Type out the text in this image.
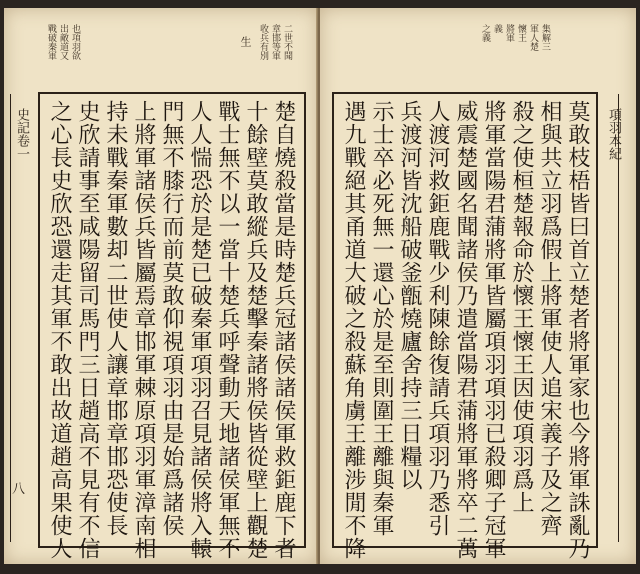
史記卷一
八
二世不聞
章邯等軍
收兵有別
也項羽欲
出敵道又
戰破秦軍	生
楚自燒殺當是時楚兵冠諸侯諸侯軍救鉅鹿下者
十餘壁莫敢縱兵及楚擊秦諸將侯皆從壁上觀楚
戰士無不以一當十楚兵呼聲動天地諸侯軍無不
人人惴恐於是楚已破秦軍項羽召見諸侯將入轅
門無不膝行而前莫敢仰視項羽由是始爲諸侯
上將軍諸侯兵皆屬焉章邯軍棘原項羽軍漳南相
持未戰秦軍數却二世使人讓章邯章邯恐使長
史欣請事至咸陽留司馬門三日趙高不見有不信
之心長史欣恐還走其軍不敢出故道趙高果使人	項羽本紀
集解三
軍人楚
懷王
將軍
義
之義
莫敢枝梧皆曰首立楚者將軍家也今將軍誅亂乃
相與共立羽爲假上將軍使人追宋義子及之齊
殺之使桓楚報命於懷王懷王因使項羽爲上
將軍當陽君蒲將軍皆屬項羽項羽已殺卿子冠軍
威震楚國名聞諸侯乃遣當陽君蒲將軍將卒二萬
人渡河救鉅鹿戰少利陳餘復請兵項羽乃悉引
兵渡河皆沈船破釜甑燒廬舍持三日糧以
示士卒必死無一還心於是至則圍王離與秦軍
遇九戰絕其甬道大破之殺蘇角虜王離涉閒不降
